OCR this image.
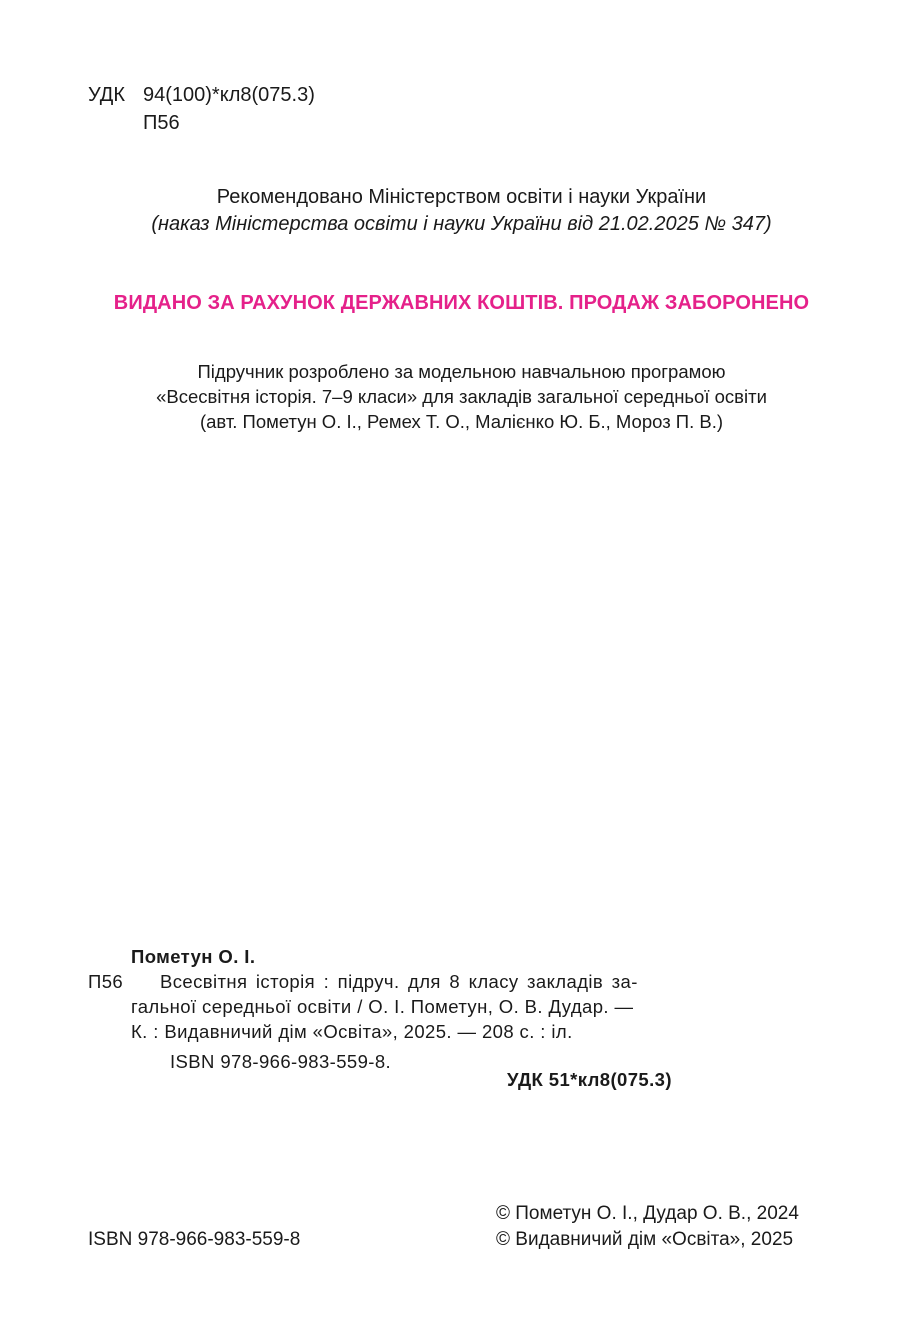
УДК 94(100)*кл8(075.3)
П56
Рекомендовано Міністерством освіти і науки України
(наказ Міністерства освіти і науки України від 21.02.2025 № 347)
ВИДАНО ЗА РАХУНОК ДЕРЖАВНИХ КОШТІВ. ПРОДАЖ ЗАБОРОНЕНО
Підручник розроблено за модельною навчальною програмою
«Всесвітня історія. 7–9 класи» для закладів загальної середньої освіти
(авт. Пометун О. І., Ремех Т. О., Малієнко Ю. Б., Мороз П. В.)
Пометун О. І.
П56 Всесвітня історія : підруч. для 8 класу закладів за-
гальної середньої освіти / О. І. Пометун, О. В. Дудар. —
К. : Видавничий дім «Освіта», 2025. — 208 с. : іл.
ISBN 978-966-983-559-8.
УДК 51*кл8(075.3)
© Пометун О. І., Дудар О. В., 2024
ISBN 978-966-983-559-8	© Видавничий дім «Освіта», 2025
